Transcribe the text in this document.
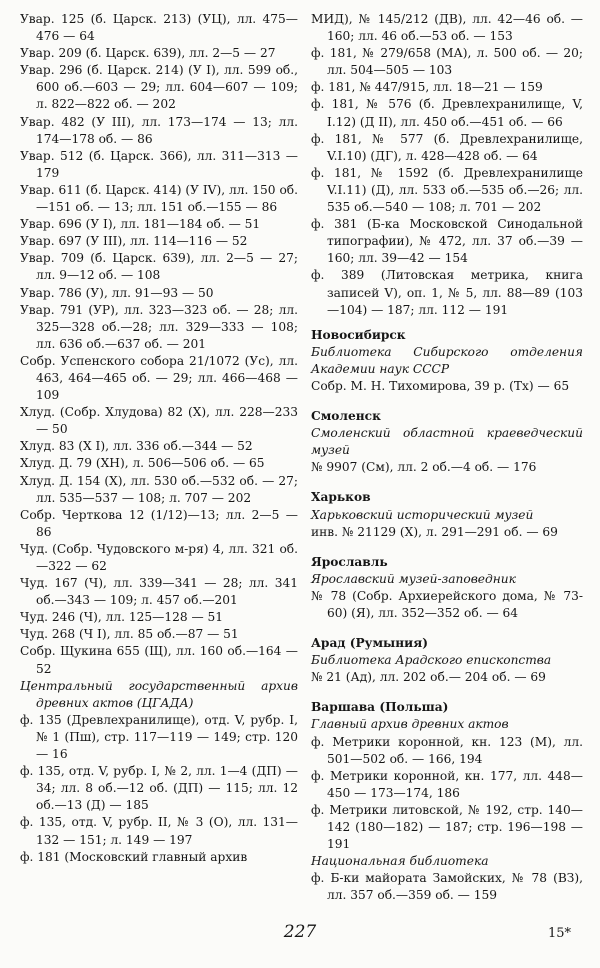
Увар. 125 (б. Царск. 213) (УЦ), лл. 475—476 — 64
Увар. 209 (б. Царск. 639), лл. 2—5 — 27
Увар. 296 (б. Царск. 214) (У I), лл. 599 об., 600 об.—603 — 29; лл. 604—607 — 109; л. 822—822 об. — 202
Увар. 482 (У III), лл. 173—174 — 13; лл. 174—178 об. — 86
Увар. 512 (б. Царск. 366), лл. 311—313 — 179
Увар. 611 (б. Царск. 414) (У IV), лл. 150 об.—151 об. — 13; лл. 151 об.—155 — 86
Увар. 696 (У I), лл. 181—184 об. — 51
Увар. 697 (У III), лл. 114—116 — 52
Увар. 709 (б. Царск. 639), лл. 2—5 — 27; лл. 9—12 об. — 108
Увар. 786 (У), лл. 91—93 — 50
Увар. 791 (УР), лл. 323—323 об. — 28; лл. 325—328 об.—28; лл. 329—333 — 108; лл. 636 об.—637 об. — 201
Собр. Успенского собора 21/1072 (Ус), лл. 463, 464—465 об. — 29; лл. 466—468 — 109
Хлуд. (Собр. Хлудова) 82 (Х), лл. 228—233 — 50
Хлуд. 83 (Х I), лл. 336 об.—344 — 52
Хлуд. Д. 79 (ХН), л. 506—506 об. — 65
Хлуд. Д. 154 (Х), лл. 530 об.—532 об. — 27; лл. 535—537 — 108; л. 707 — 202
Собр. Черткова 12 (1/12)—13; лл. 2—5 — 86
Чуд. (Собр. Чудовского м-ря) 4, лл. 321 об.—322 — 62
Чуд. 167 (Ч), лл. 339—341 — 28; лл. 341 об.—343 — 109; л. 457 об.—201
Чуд. 246 (Ч), лл. 125—128 — 51
Чуд. 268 (Ч I), лл. 85 об.—87 — 51
Собр. Щукина 655 (Щ), лл. 160 об.—164 — 52
Центральный государственный архив древних актов (ЦГАДА)
ф. 135 (Древлехранилище), отд. V, рубр. I, № 1 (Пш), стр. 117—119 — 149; стр. 120 — 16
ф. 135, отд. V, рубр. I, № 2, лл. 1—4 (ДП) — 34; лл. 8 об.—12 об. (ДП) — 115; лл. 12 об.—13 (Д) — 185
ф. 135, отд. V, рубр. II, № 3 (О), лл. 131—132 — 151; л. 149 — 197
ф. 181 (Московский главный архив
МИД), № 145/212 (ДВ), лл. 42—46 об. — 160; лл. 46 об.—53 об. — 153
ф. 181, № 279/658 (МА), л. 500 об. — 20; лл. 504—505 — 103
ф. 181, № 447/915, лл. 18—21 — 159
ф. 181, № 576 (б. Древлехранилище, V, I.12) (Д II), лл. 450 об.—451 об. — 66
ф. 181, № 577 (б. Древлехранилище, V.I.10) (ДГ), л. 428—428 об. — 64
ф. 181, № 1592 (б. Древлехранилище V.I.11) (Д), лл. 533 об.—535 об.—26; лл. 535 об.—540 — 108; л. 701 — 202
ф. 381 (Б-ка Московской Синодальной типографии), № 472, лл. 37 об.—39 — 160; лл. 39—42 — 154
ф. 389 (Литовская метрика, книга записей V), оп. 1, № 5, лл. 88—89 (103—104) — 187; лл. 112 — 191
Новосибирск
Библиотека Сибирского отделения Академии наук СССР
Собр. М. Н. Тихомирова, 39 р. (Тх) — 65
Смоленск
Смоленский областной краеведческий музей
№ 9907 (См), лл. 2 об.—4 об. — 176
Харьков
Харьковский исторический музей
инв. № 21129 (Х), л. 291—291 об. — 69
Ярославль
Ярославский музей-заповедник
№ 78 (Собр. Архиерейского дома, № 73-60) (Я), лл. 352—352 об. — 64
Арад (Румыния)
Библиотека Арадского епископства
№ 21 (Ад), лл. 202 об.— 204 об. — 69
Варшава (Польша)
Главный архив древних актов
ф. Метрики коронной, кн. 123 (М), лл. 501—502 об. — 166, 194
ф. Метрики коронной, кн. 177, лл. 448—450 — 173—174, 186
ф. Метрики литовской, № 192, стр. 140—142 (180—182) — 187; стр. 196—198 — 191
Национальная библиотека
ф. Б-ки майората Замойских, № 78 (ВЗ), лл. 357 об.—359 об. — 159
227	15*
